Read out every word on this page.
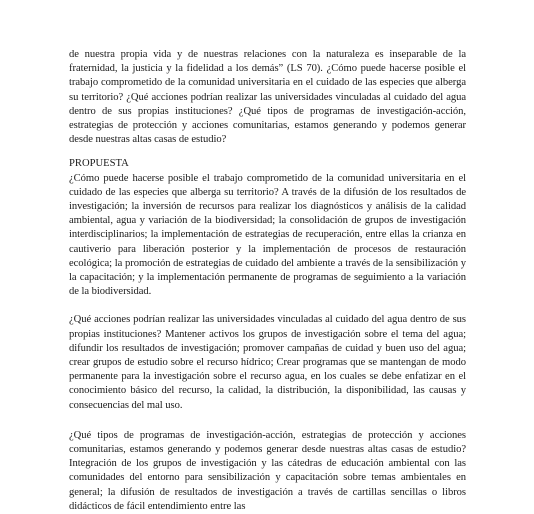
de nuestra propia vida y de nuestras relaciones con la naturaleza es inseparable de la fraternidad, la justicia y la fidelidad a los demás” (LS 70). ¿Cómo puede hacerse posible el trabajo comprometido de la comunidad universitaria en el cuidado de las especies que alberga su territorio? ¿Qué acciones podrían realizar las universidades vinculadas al cuidado del agua dentro de sus propias instituciones? ¿Qué tipos de programas de investigación-acción, estrategias de protección y acciones comunitarias, estamos generando y podemos generar desde nuestras altas casas de estudio?

PROPUESTA

¿Cómo puede hacerse posible el trabajo comprometido de la comunidad universitaria en el cuidado de las especies que alberga su territorio? A través de la difusión de los resultados de investigación; la inversión de recursos para realizar los diagnósticos y análisis de la calidad ambiental, agua y variación de la biodiversidad; la consolidación de grupos de investigación interdisciplinarios; la implementación de estrategias de recuperación, entre ellas la crianza en cautiverio para liberación posterior y la implementación de procesos de restauración ecológica; la promoción de estrategias de cuidado del ambiente a través de la sensibilización y la capacitación; y la implementación permanente de programas de seguimiento a la variación de la biodiversidad.

¿Qué acciones podrían realizar las universidades vinculadas al cuidado del agua dentro de sus propias instituciones? Mantener activos los grupos de investigación sobre el tema del agua; difundir los resultados de investigación; promover campañas de cuidad y buen uso del agua; crear grupos de estudio sobre el recurso hídrico; Crear programas que se mantengan de modo permanente para la investigación sobre el recurso agua, en los cuales se debe enfatizar en el conocimiento básico del recurso, la calidad, la distribución, la disponibilidad, las causas y consecuencias del mal uso.

¿Qué tipos de programas de investigación-acción, estrategias de protección y acciones comunitarias, estamos generando y podemos generar desde nuestras altas casas de estudio? Integración de los grupos de investigación y las cátedras de educación ambiental con las comunidades del entorno para sensibilización y capacitación sobre temas ambientales en general; la difusión de resultados de investigación a través de cartillas sencillas o libros didácticos de fácil entendimiento entre las
